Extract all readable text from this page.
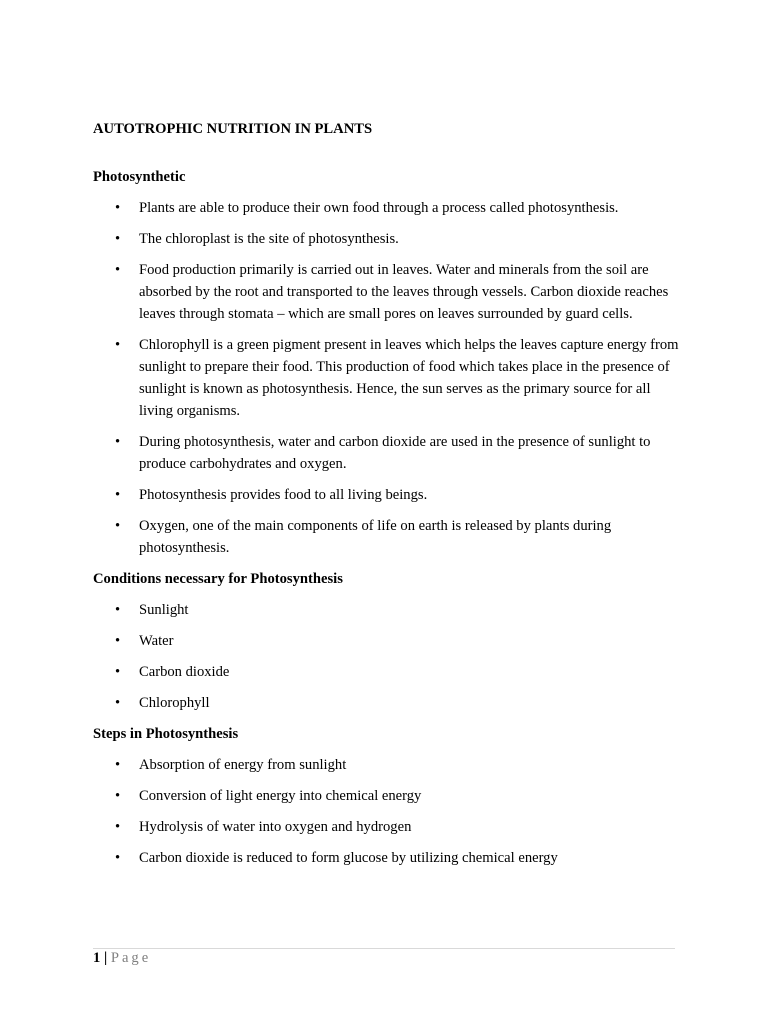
AUTOTROPHIC NUTRITION IN PLANTS
Photosynthetic
•	Plants are able to produce their own food through a process called photosynthesis.
•	The chloroplast is the site of photosynthesis.
•	Food production primarily is carried out in leaves. Water and minerals from the soil are absorbed by the root and transported to the leaves through vessels. Carbon dioxide reaches leaves through stomata – which are small pores on leaves surrounded by guard cells.
•	Chlorophyll is a green pigment present in leaves which helps the leaves capture energy from sunlight to prepare their food. This production of food which takes place in the presence of sunlight is known as photosynthesis. Hence, the sun serves as the primary source for all living organisms.
•	During photosynthesis, water and carbon dioxide are used in the presence of sunlight to produce carbohydrates and oxygen.
•	Photosynthesis provides food to all living beings.
•	Oxygen, one of the main components of life on earth is released by plants during photosynthesis.
Conditions necessary for Photosynthesis
•	Sunlight
•	Water
•	Carbon dioxide
•	Chlorophyll
Steps in Photosynthesis
•	Absorption of energy from sunlight
•	Conversion of light energy into chemical energy
•	Hydrolysis of water into oxygen and hydrogen
•	Carbon dioxide is reduced to form glucose by utilizing chemical energy
1 | Page
